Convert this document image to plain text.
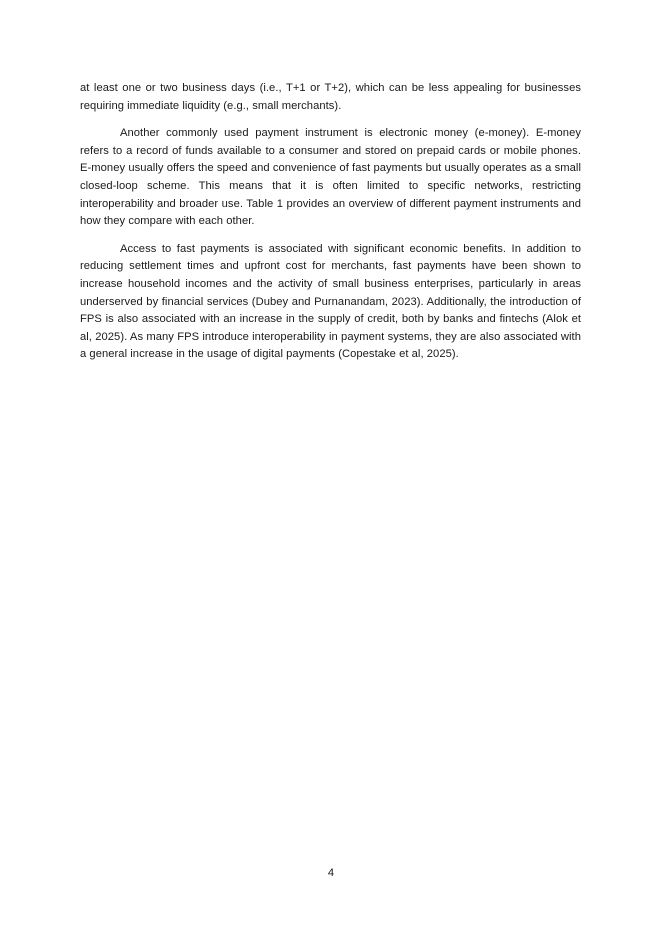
at least one or two business days (i.e., T+1 or T+2), which can be less appealing for businesses requiring immediate liquidity (e.g., small merchants).

Another commonly used payment instrument is electronic money (e-money). E-money refers to a record of funds available to a consumer and stored on prepaid cards or mobile phones. E-money usually offers the speed and convenience of fast payments but usually operates as a small closed-loop scheme. This means that it is often limited to specific networks, restricting interoperability and broader use. Table 1 provides an overview of different payment instruments and how they compare with each other.

Access to fast payments is associated with significant economic benefits. In addition to reducing settlement times and upfront cost for merchants, fast payments have been shown to increase household incomes and the activity of small business enterprises, particularly in areas underserved by financial services (Dubey and Purnanandam, 2023). Additionally, the introduction of FPS is also associated with an increase in the supply of credit, both by banks and fintechs (Alok et al, 2025). As many FPS introduce interoperability in payment systems, they are also associated with a general increase in the usage of digital payments (Copestake et al, 2025).

4
